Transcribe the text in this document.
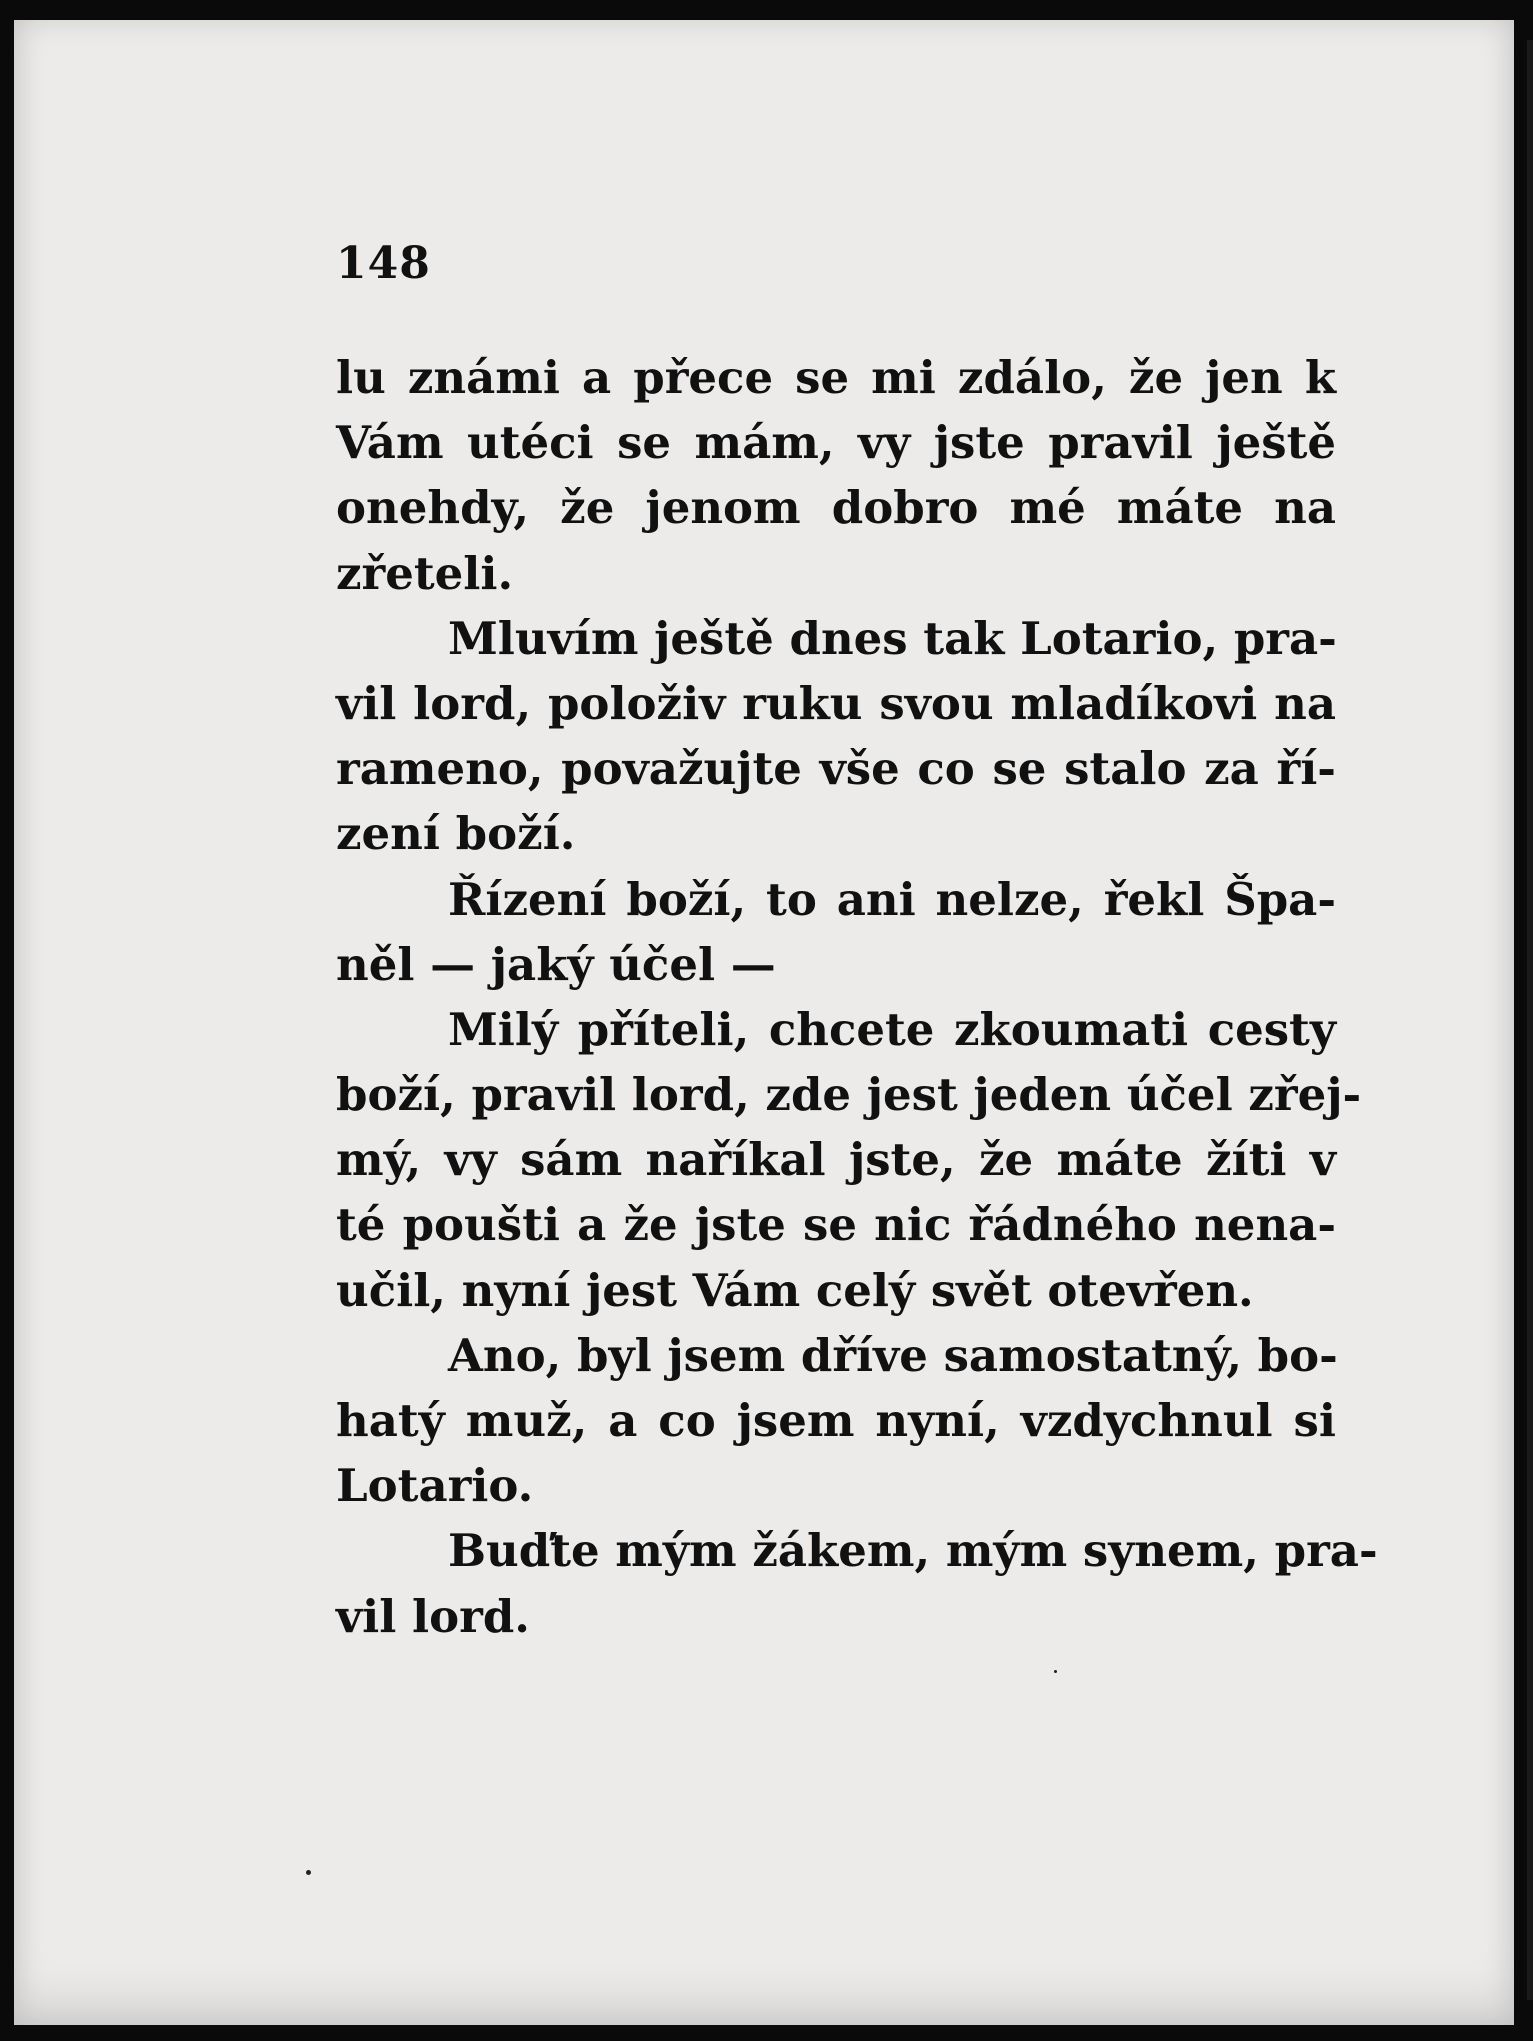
148
lu známi a přece se mi zdálo, že jen k
Vám utéci se mám, vy jste pravil ještě
onehdy, že jenom dobro mé máte na
zřeteli.
Mluvím ještě dnes tak Lotario, pra-
vil lord, položiv ruku svou mladíkovi na
rameno, považujte vše co se stalo za ří-
zení boží.
Řízení boží, to ani nelze, řekl Špa-
něl — jaký účel —
Milý příteli, chcete zkoumati cesty
boží, pravil lord, zde jest jeden účel zřej-
mý, vy sám naříkal jste, že máte žíti v
té poušti a že jste se nic řádného nena-
učil, nyní jest Vám celý svět otevřen.
Ano, byl jsem dříve samostatný, bo-
hatý muž, a co jsem nyní, vzdychnul si
Lotario.
Buďte mým žákem, mým synem, pra-
vil lord.
